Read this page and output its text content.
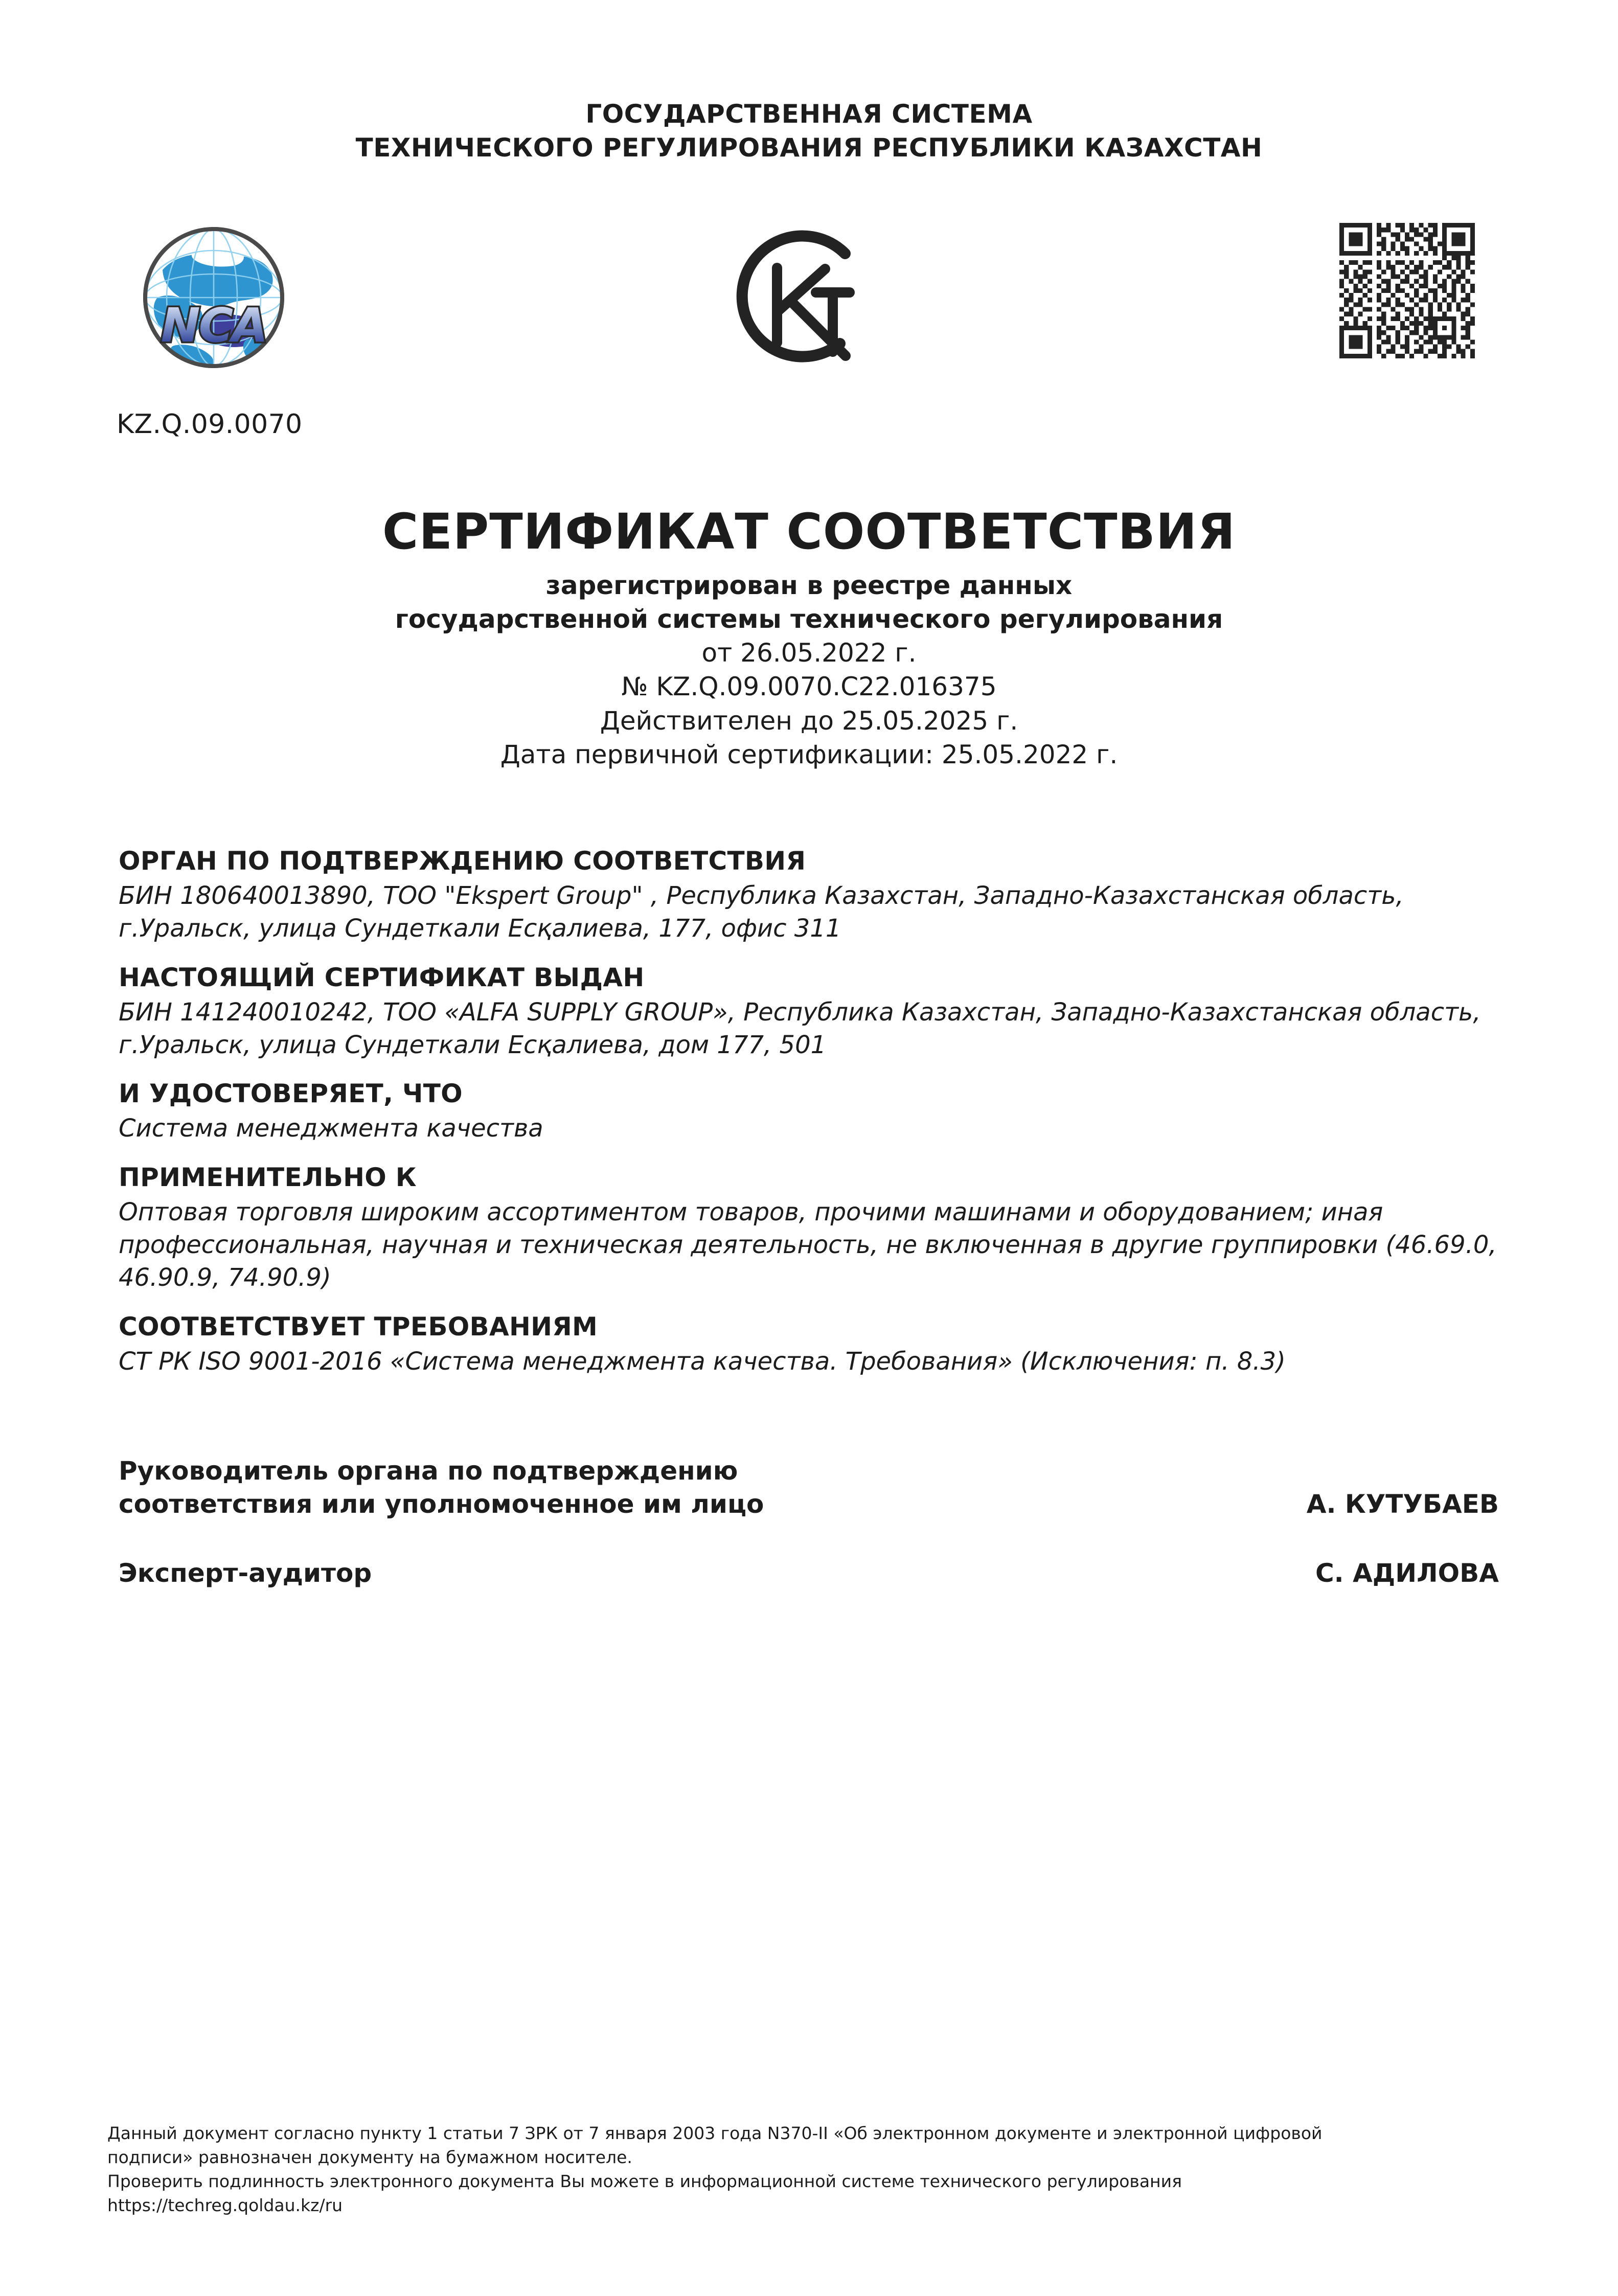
ГОСУДАРСТВЕННАЯ СИСТЕМА
ТЕХНИЧЕСКОГО РЕГУЛИРОВАНИЯ РЕСПУБЛИКИ КАЗАХСТАН
NCA
KZ.Q.09.0070
СЕРТИФИКАТ СООТВЕТСТВИЯ
зарегистрирован в реестре данных
государственной системы технического регулирования
от 26.05.2022 г.
№ KZ.Q.09.0070.C22.016375
Действителен до 25.05.2025 г.
Дата первичной сертификации: 25.05.2022 г.
ОРГАН ПО ПОДТВЕРЖДЕНИЮ СООТВЕТСТВИЯ
БИН 180640013890, ТОО "Ekspert Group" , Республика Казахстан, Западно-Казахстанская область, г.Уральск, улица Сундеткали Есқалиева, 177, офис 311
НАСТОЯЩИЙ СЕРТИФИКАТ ВЫДАН
БИН 141240010242, ТОО «ALFA SUPPLY GROUP», Республика Казахстан, Западно-Казахстанская область, г.Уральск, улица Сундеткали Есқалиева, дом 177, 501
И УДОСТОВЕРЯЕТ, ЧТО
Система менеджмента качества
ПРИМЕНИТЕЛЬНО К
Оптовая торговля широким ассортиментом товаров, прочими машинами и оборудованием; иная профессиональная, научная и техническая деятельность, не включенная в другие группировки (46.69.0, 46.90.9, 74.90.9)
СООТВЕТСТВУЕТ ТРЕБОВАНИЯМ
СТ РК ISO 9001-2016 «Система менеджмента качества. Требования» (Исключения: п. 8.3)
Руководитель органа по подтверждению
соответствия или уполномоченное им лицо	А. КУТУБАЕВ
Эксперт-аудитор	С. АДИЛОВА
Данный документ согласно пункту 1 статьи 7 ЗРК от 7 января 2003 года N370-II «Об электронном документе и электронной цифровой
подписи» равнозначен документу на бумажном носителе.
Проверить подлинность электронного документа Вы можете в информационной системе технического регулирования
https://techreg.qoldau.kz/ru
